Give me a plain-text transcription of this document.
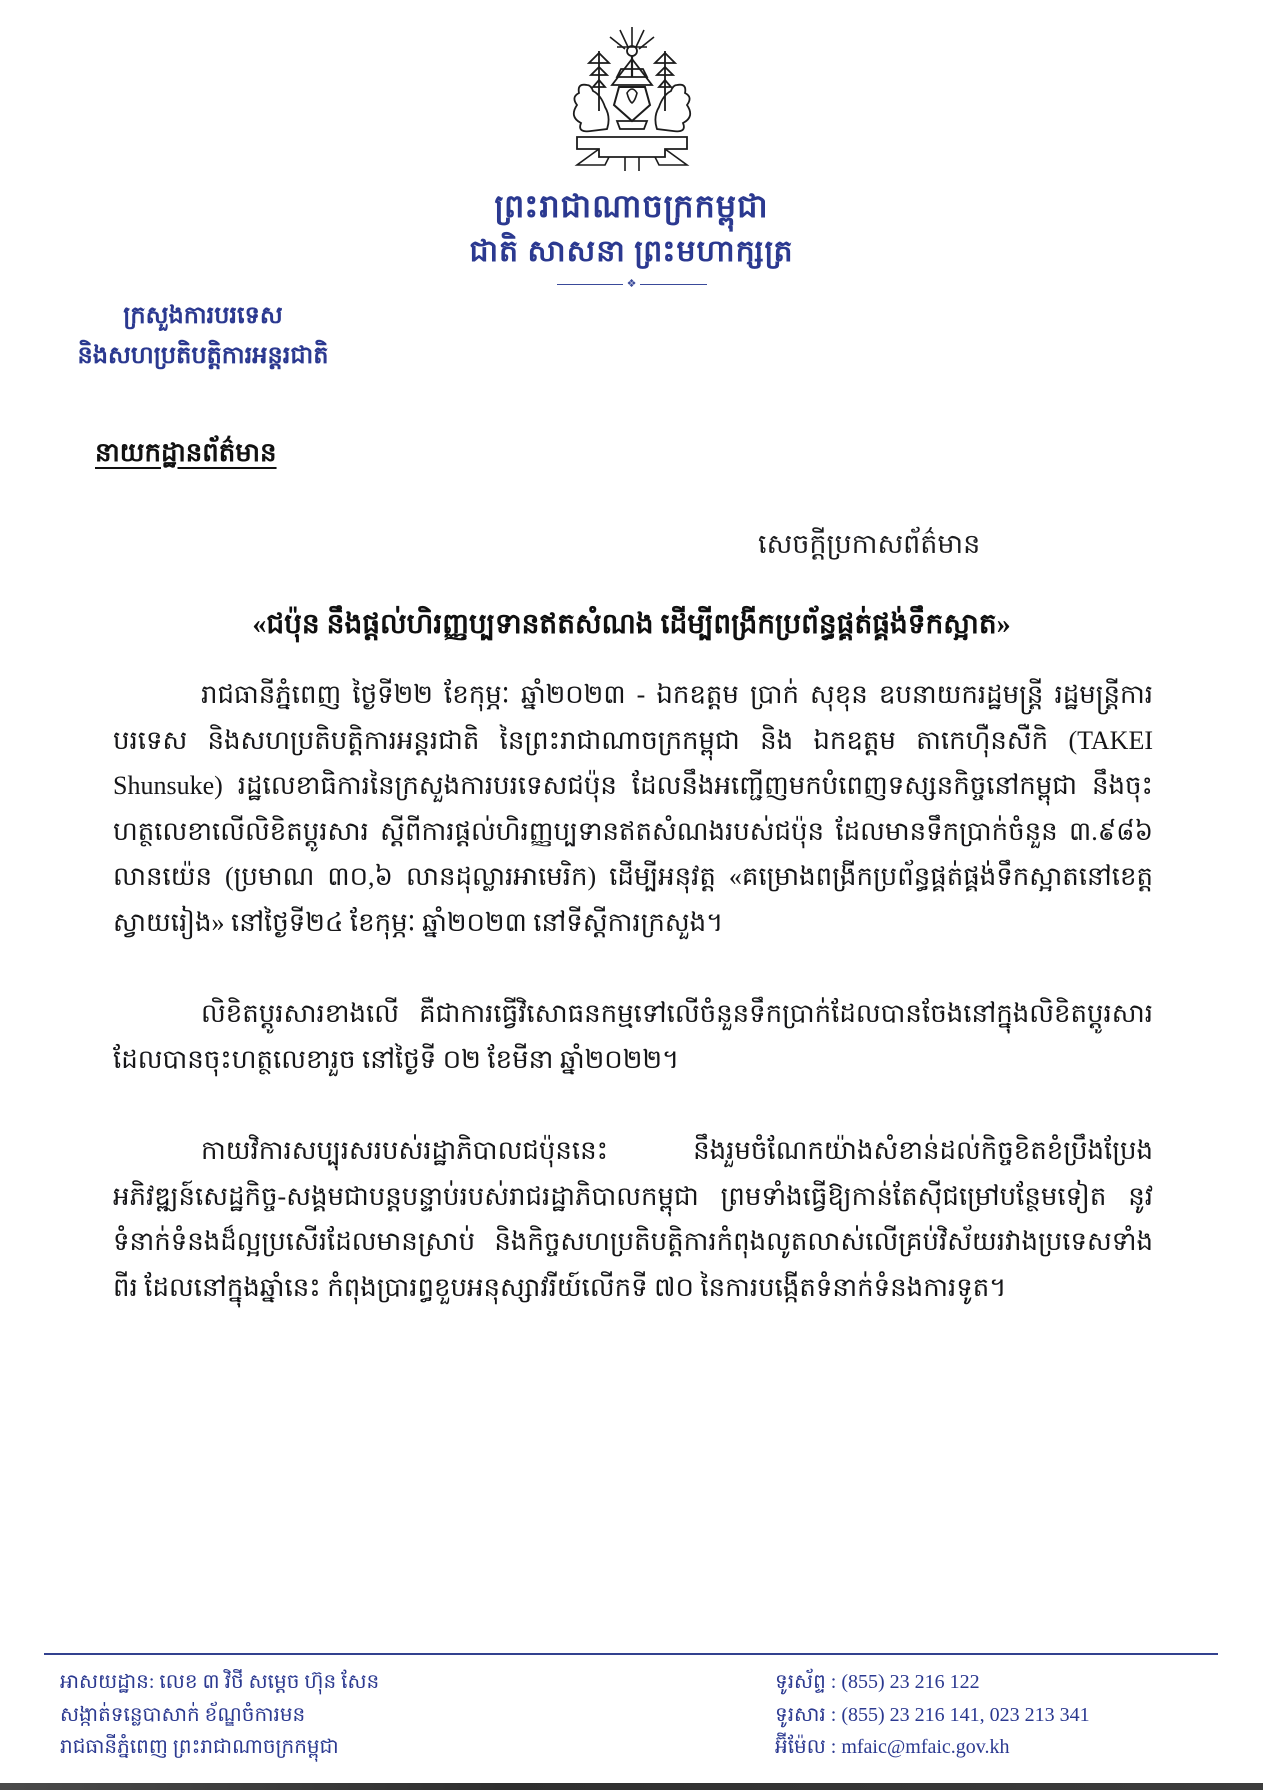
ព្រះរាជាណាចក្រកម្ពុជា
ជាតិ សាសនា ព្រះមហាក្សត្រ
❖
ក្រសួងការបរទេស
និងសហប្រតិបត្តិការអន្តរជាតិ
នាយកដ្ឋានព័ត៌មាន
សេចក្តីប្រកាសព័ត៌មាន
«ជប៉ុន នឹងផ្តល់ហិរញ្ញប្បទានឥតសំណង ដើម្បីពង្រីកប្រព័ន្ធផ្គត់ផ្គង់ទឹកស្អាត»

រាជធានីភ្នំពេញ ថ្ងៃទី២២ ខែកុម្ភៈ ឆ្នាំ២០២៣ - ឯកឧត្តម ប្រាក់ សុខុន ឧបនាយករដ្ឋមន្ត្រី រដ្ឋមន្ត្រីការបរទេស និងសហប្រតិបត្តិការអន្តរជាតិ នៃព្រះរាជាណាចក្រកម្ពុជា និង ឯកឧត្តម តាកេហ៊ឺនសឺកិ (TAKEI Shunsuke) រដ្ឋលេខាធិការនៃក្រសួងការបរទេសជប៉ុន ដែលនឹងអញ្ជើញមកបំពេញទស្សនកិច្ចនៅកម្ពុជា នឹងចុះហត្ថលេខាលើលិខិតប្តូរសារ ស្តីពីការផ្តល់ហិរញ្ញប្បទានឥតសំណងរបស់ជប៉ុន ដែលមានទឹកប្រាក់ចំនួន ៣.៩៨៦ លានយ៉េន (ប្រមាណ ៣០,៦ លានដុល្លារអាមេរិក) ដើម្បីអនុវត្ត «គម្រោងពង្រីកប្រព័ន្ធផ្គត់ផ្គង់ទឹកស្អាតនៅខេត្តស្វាយរៀង» នៅថ្ងៃទី២៤ ខែកុម្ភៈ ឆ្នាំ២០២៣ នៅទីស្តីការក្រសួង។

លិខិតប្តូរសារខាងលើ គឺជាការធ្វើវិសោធនកម្មទៅលើចំនួនទឹកប្រាក់ដែលបានចែងនៅក្នុងលិខិតប្តូរសារដែលបានចុះហត្ថលេខារួច នៅថ្ងៃទី ០២ ខែមីនា ឆ្នាំ២០២២។

កាយវិការសប្បុរសរបស់រដ្ឋាភិបាលជប៉ុននេះ នឹងរួមចំណែកយ៉ាងសំខាន់ដល់កិច្ចខិតខំប្រឹងប្រែងអភិវឌ្ឍន៍សេដ្ឋកិច្ច-សង្គមជាបន្តបន្ទាប់របស់រាជរដ្ឋាភិបាលកម្ពុជា ព្រមទាំងធ្វើឱ្យកាន់តែស៊ីជម្រៅបន្ថែមទៀត នូវទំនាក់ទំនងដ៏ល្អប្រសើរដែលមានស្រាប់ និងកិច្ចសហប្រតិបត្តិការកំពុងលូតលាស់លើគ្រប់វិស័យរវាងប្រទេសទាំងពីរ ដែលនៅក្នុងឆ្នាំនេះ កំពុងប្រារព្ធខួបអនុស្សាវរីយ៍លើកទី ៧០ នៃការបង្កើតទំនាក់ទំនងការទូត។

អាសយដ្ឋាន: លេខ ៣ វិថី សម្តេច ហ៊ុន សែន
សង្កាត់ទន្លេបាសាក់ ខ័ណ្ឌចំការមន
រាជធានីភ្នំពេញ ព្រះរាជាណាចក្រកម្ពុជា
ទូរស័ព្ទ : (855) 23 216 122
ទូរសារ : (855) 23 216 141, 023 213 341
អ៊ីម៉ែល : mfaic@mfaic.gov.kh
